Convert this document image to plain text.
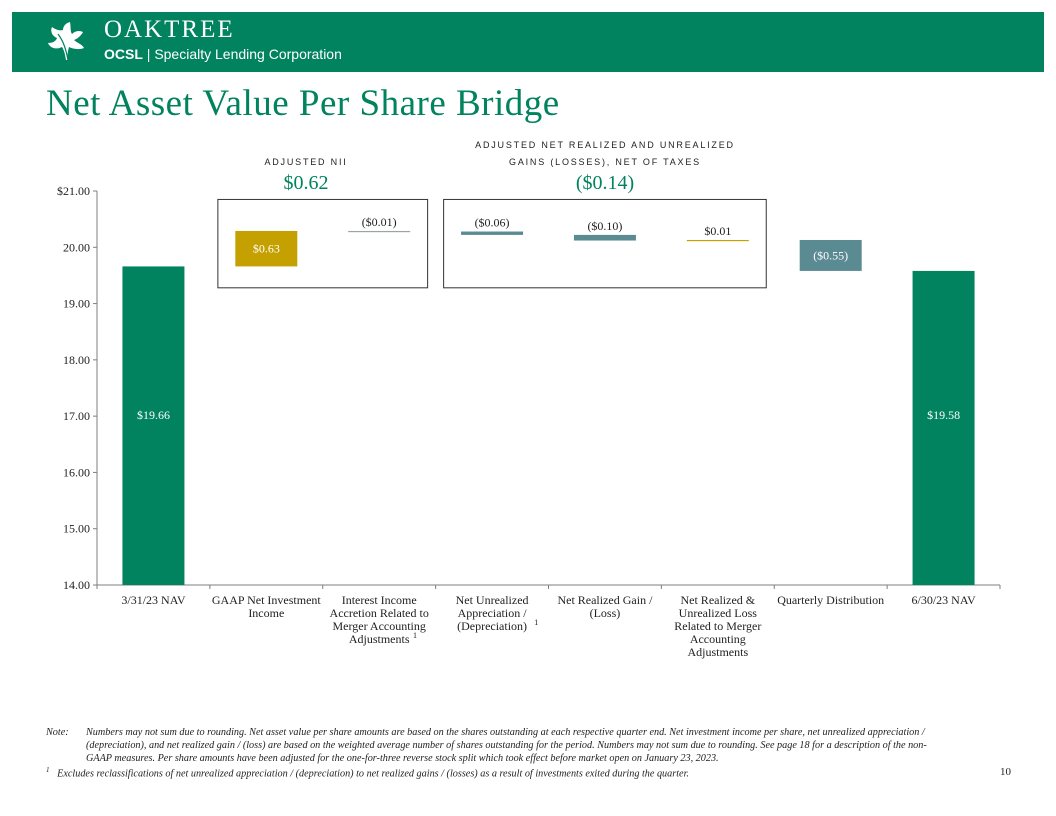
OAKTREE
OCSL | Specialty Lending Corporation
Net Asset Value Per Share Bridge
ADJUSTED NII
$0.62
ADJUSTED NET REALIZED AND UNREALIZED
GAINS (LOSSES), NET OF TAXES
($0.14)
$21.00
20.00
19.00
18.00
17.00
16.00
15.00
14.00
$19.66
$0.63
($0.01)	($0.06)	($0.10)	$0.01
($0.55)
$19.58
3/31/23 NAV GAAP Net Investment
Income
Interest Income
Accretion Related to
Merger Accounting
Adjustments 1
Net Unrealized
Appreciation /
(Depreciation) 1
Net Realized Gain /
(Loss)
Net Realized &
Unrealized Loss
Related to Merger
Accounting
Adjustments
Quarterly Distribution 6/30/23 NAV
Note: Numbers may not sum due to rounding. Net asset value per share amounts are based on the shares outstanding at each respective quarter end. Net investment income per share, net unrealized appreciation / (depreciation), and net realized gain / (loss) are based on the weighted average number of shares outstanding for the period. Numbers may not sum due to rounding. See page 18 for a description of the non-GAAP measures. Per share amounts have been adjusted for the one-for-three reverse stock split which took effect before market open on January 23, 2023.
$^1$ Excludes reclassifications of net unrealized appreciation / (depreciation) to net realized gains / (losses) as a result of investments exited during the quarter.	10
